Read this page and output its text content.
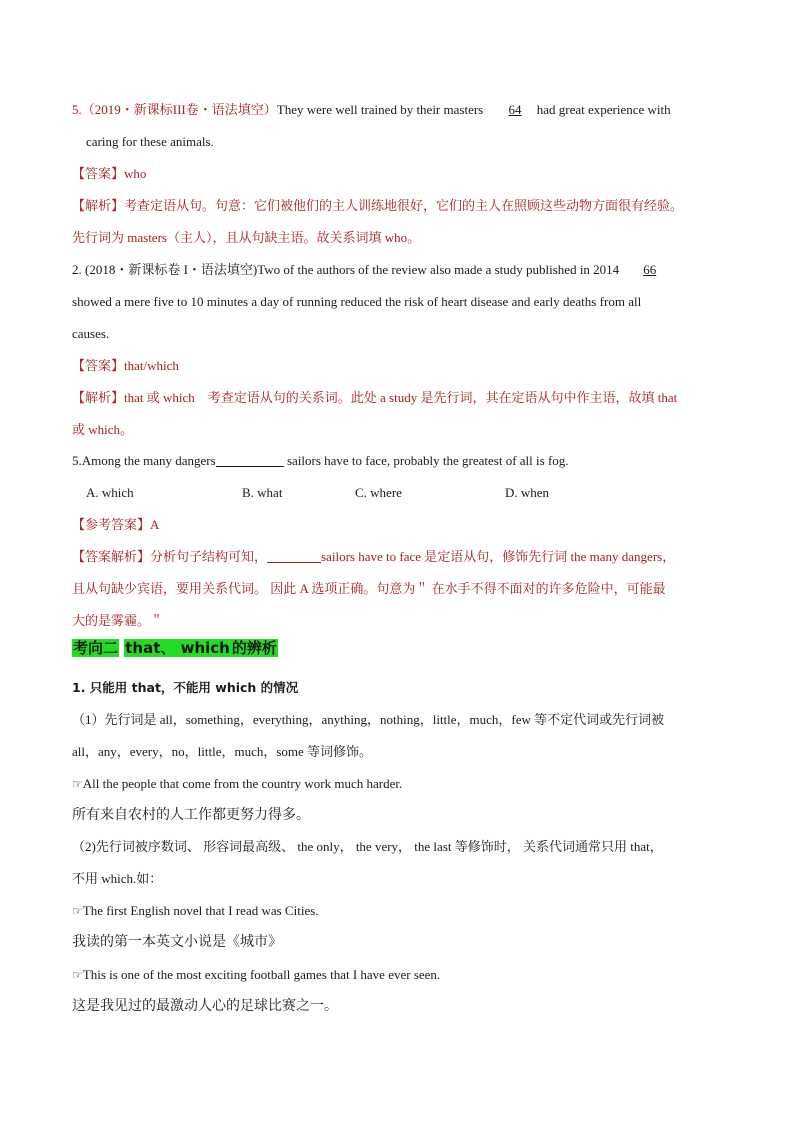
5.（2019・新课标III卷・语法填空）They were well trained by their masters 64 had great experience with
caring for these animals.
【答案】who
【解析】考查定语从句。句意：它们被他们的主人训练地很好，它们的主人在照顾这些动物方面很有经验。
先行词为 masters（主人），且从句缺主语。故关系词填 who。
2. (2018・新课标卷 I・语法填空)Two of the authors of the review also made a study published in 2014 66
showed a mere five to 10 minutes a day of running reduced the risk of heart disease and early deaths from all
causes.
【答案】that/which
【解析】that 或 which　考查定语从句的关系词。此处 a study 是先行词，其在定语从句中作主语，故填 that
或 which。
5.Among the many dangers	sailors have to face, probably the greatest of all is fog.
A. which	B. what	C. where	D. when
【参考答案】A
【答案解析】分析句子结构可知，	sailors have to face 是定语从句，修饰先行词 the many dangers，
且从句缺少宾语，要用关系代词。 因此 A 选项正确。句意为＂ 在水手不得不面对的许多危险中，可能最
大的是雾霾。＂
考向二 that、 which 的辨析
1. 只能用 that，不能用 which 的情况
（1）先行词是 all，something，everything，anything，nothing，little，much，few 等不定代词或先行词被
all，any，every，no，little，much，some 等词修饰。
☞All the people that come from the country work much harder.
所有来自农村的人工作都更努力得多。
（2)先行词被序数词、 形容词最高级、 the only， the very， the last 等修饰时， 关系代词通常只用 that，
不用 which.如：
☞The first English novel that I read was Cities.
我读的第一本英文小说是《城市》
☞This is one of the most exciting football games that I have ever seen.
这是我见过的最激动人心的足球比赛之一。
